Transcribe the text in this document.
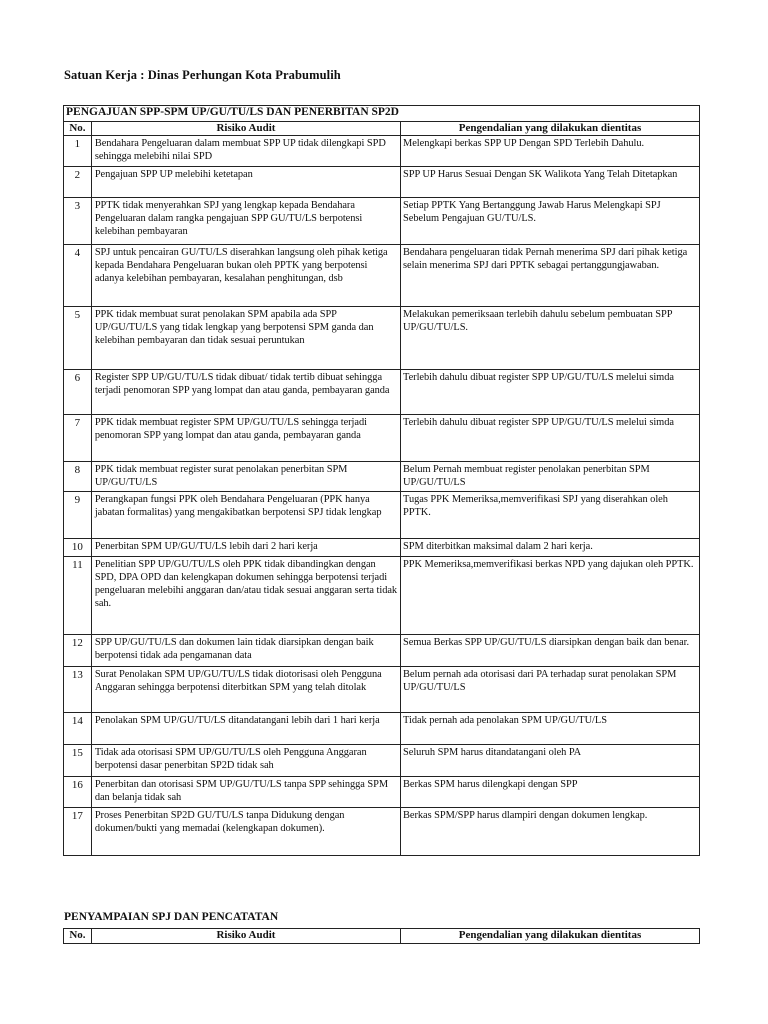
Satuan Kerja : Dinas Perhungan Kota Prabumulih
PENGAJUAN SPP-SPM UP/GU/TU/LS DAN PENERBITAN SP2D		
No.	Risiko Audit	Pengendalian yang dilakukan dientitas
1	Bendahara Pengeluaran dalam membuat SPP UP tidak dilengkapi SPD sehingga melebihi nilai SPD	Melengkapi berkas SPP UP Dengan SPD Terlebih Dahulu.
2	Pengajuan SPP UP melebihi ketetapan	SPP UP Harus Sesuai Dengan SK Walikota Yang Telah Ditetapkan
3	PPTK tidak menyerahkan SPJ yang lengkap kepada Bendahara Pengeluaran dalam rangka pengajuan SPP GU/TU/LS berpotensi kelebihan pembayaran	Setiap PPTK Yang Bertanggung Jawab Harus Melengkapi SPJ Sebelum Pengajuan GU/TU/LS.
4	SPJ untuk pencairan GU/TU/LS diserahkan langsung oleh pihak ketiga kepada Bendahara Pengeluaran bukan oleh PPTK yang berpotensi adanya kelebihan pembayaran, kesalahan penghitungan, dsb	Bendahara pengeluaran tidak Pernah menerima SPJ dari pihak ketiga selain menerima SPJ dari PPTK sebagai pertanggungjawaban.
5	PPK tidak membuat surat penolakan SPM apabila ada SPP UP/GU/TU/LS yang tidak lengkap yang berpotensi SPM ganda dan kelebihan pembayaran dan tidak sesuai peruntukan	Melakukan pemeriksaan terlebih dahulu sebelum pembuatan SPP UP/GU/TU/LS.
6	Register SPP UP/GU/TU/LS tidak dibuat/ tidak tertib dibuat sehingga terjadi penomoran SPP yang lompat dan atau ganda, pembayaran ganda	Terlebih dahulu dibuat register SPP UP/GU/TU/LS melelui simda
7	PPK tidak membuat register SPM UP/GU/TU/LS sehingga terjadi penomoran SPP yang lompat dan atau ganda, pembayaran ganda	Terlebih dahulu dibuat register SPP UP/GU/TU/LS melelui simda
8	PPK tidak membuat register surat penolakan penerbitan SPM UP/GU/TU/LS	Belum Pernah membuat register penolakan penerbitan SPM UP/GU/TU/LS
9	Perangkapan fungsi PPK oleh Bendahara Pengeluaran (PPK hanya jabatan formalitas) yang mengakibatkan berpotensi SPJ tidak lengkap	Tugas PPK Memeriksa,memverifikasi SPJ yang diserahkan oleh PPTK.
10	Penerbitan SPM UP/GU/TU/LS lebih dari 2 hari kerja	SPM diterbitkan maksimal dalam 2 hari kerja.
11	Penelitian SPP UP/GU/TU/LS oleh PPK tidak dibandingkan dengan SPD, DPA OPD dan kelengkapan dokumen sehingga berpotensi terjadi pengeluaran melebihi anggaran dan/atau tidak sesuai anggaran serta tidak sah.	PPK Memeriksa,memverifikasi berkas NPD yang dajukan oleh PPTK.
12	SPP UP/GU/TU/LS dan dokumen lain tidak diarsipkan dengan baik berpotensi tidak ada pengamanan data	Semua Berkas SPP UP/GU/TU/LS diarsipkan dengan baik dan benar.
13	Surat Penolakan SPM UP/GU/TU/LS tidak diotorisasi oleh Pengguna Anggaran sehingga berpotensi diterbitkan SPM yang telah ditolak	Belum pernah ada otorisasi dari PA terhadap surat penolakan SPM UP/GU/TU/LS
14	Penolakan SPM UP/GU/TU/LS ditandatangani lebih dari 1 hari kerja	Tidak pernah ada penolakan SPM UP/GU/TU/LS
15	Tidak ada otorisasi SPM UP/GU/TU/LS oleh Pengguna Anggaran berpotensi dasar penerbitan SP2D tidak sah	Seluruh SPM harus ditandatangani oleh PA
16	Penerbitan dan otorisasi SPM UP/GU/TU/LS tanpa SPP sehingga SPM dan belanja tidak sah	Berkas SPM harus dilengkapi dengan SPP
17	Proses Penerbitan SP2D GU/TU/LS tanpa Didukung dengan dokumen/bukti yang memadai (kelengkapan dokumen).	Berkas SPM/SPP harus dlampiri dengan dokumen lengkap.
PENYAMPAIAN SPJ DAN PENCATATAN
No.	Risiko Audit	Pengendalian yang dilakukan dientitas
